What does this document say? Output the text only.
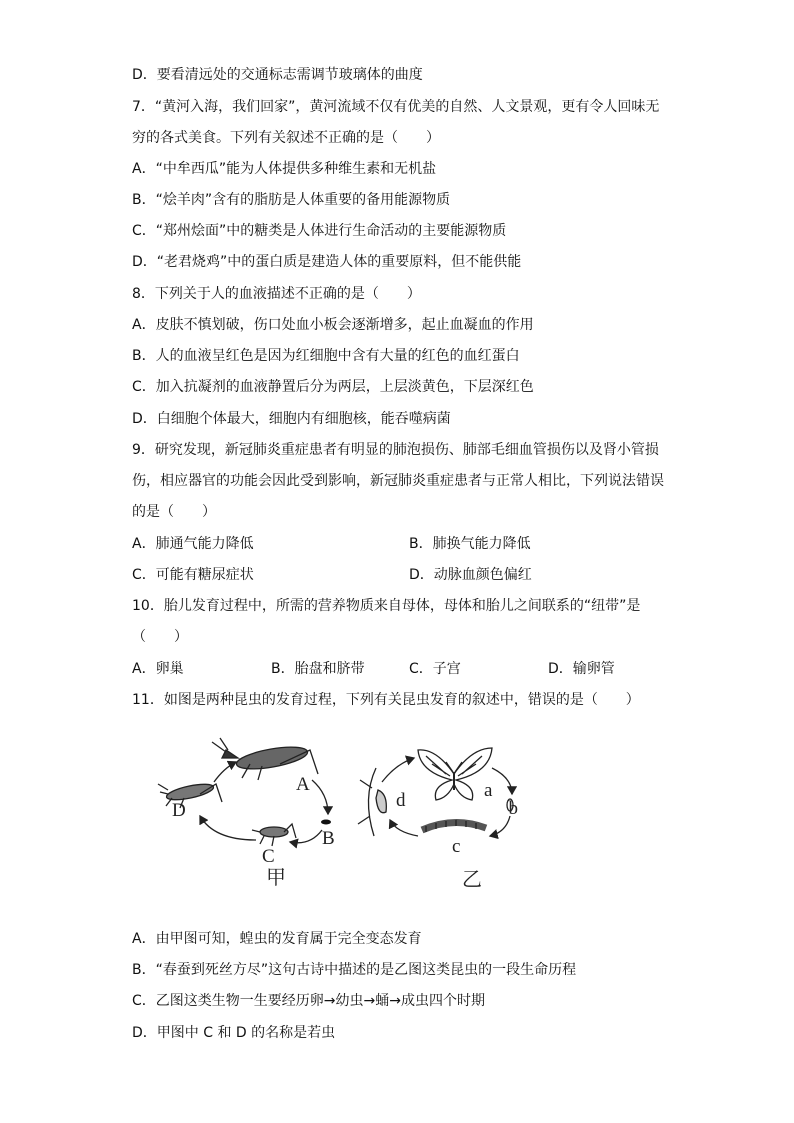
D．要看清远处的交通标志需调节玻璃体的曲度
7．“黄河入海，我们回家”，黄河流域不仅有优美的自然、人文景观，更有令人回味无
穷的各式美食。下列有关叙述不正确的是（　　）
A．“中牟西瓜”能为人体提供多种维生素和无机盐
B．“烩羊肉”含有的脂肪是人体重要的备用能源物质
C．“郑州烩面”中的糖类是人体进行生命活动的主要能源物质
D．“老君烧鸡”中的蛋白质是建造人体的重要原料，但不能供能
8．下列关于人的血液描述不正确的是（　　）
A．皮肤不慎划破，伤口处血小板会逐渐增多，起止血凝血的作用
B．人的血液呈红色是因为红细胞中含有大量的红色的血红蛋白
C．加入抗凝剂的血液静置后分为两层，上层淡黄色，下层深红色
D．白细胞个体最大，细胞内有细胞核，能吞噬病菌
9．研究发现，新冠肺炎重症患者有明显的肺泡损伤、肺部毛细血管损伤以及肾小管损
伤，相应器官的功能会因此受到影响，新冠肺炎重症患者与正常人相比，下列说法错误
的是（　　）
A．肺通气能力降低	B．肺换气能力降低
C．可能有糖尿症状	D．动脉血颜色偏红
10．胎儿发育过程中，所需的营养物质来自母体，母体和胎儿之间联系的“纽带”是
（　　）
A．卵巢	B．胎盘和脐带	C．子宫	D．输卵管
11．如图是两种昆虫的发育过程，下列有关昆虫发育的叙述中，错误的是（　　）
A
B
C
D
甲
a
b
c
d
乙
A．由甲图可知，蝗虫的发育属于完全变态发育
B．“春蚕到死丝方尽”这句古诗中描述的是乙图这类昆虫的一段生命历程
C．乙图这类生物一生要经历卵→幼虫→蛹→成虫四个时期
D．甲图中 C 和 D 的名称是若虫
